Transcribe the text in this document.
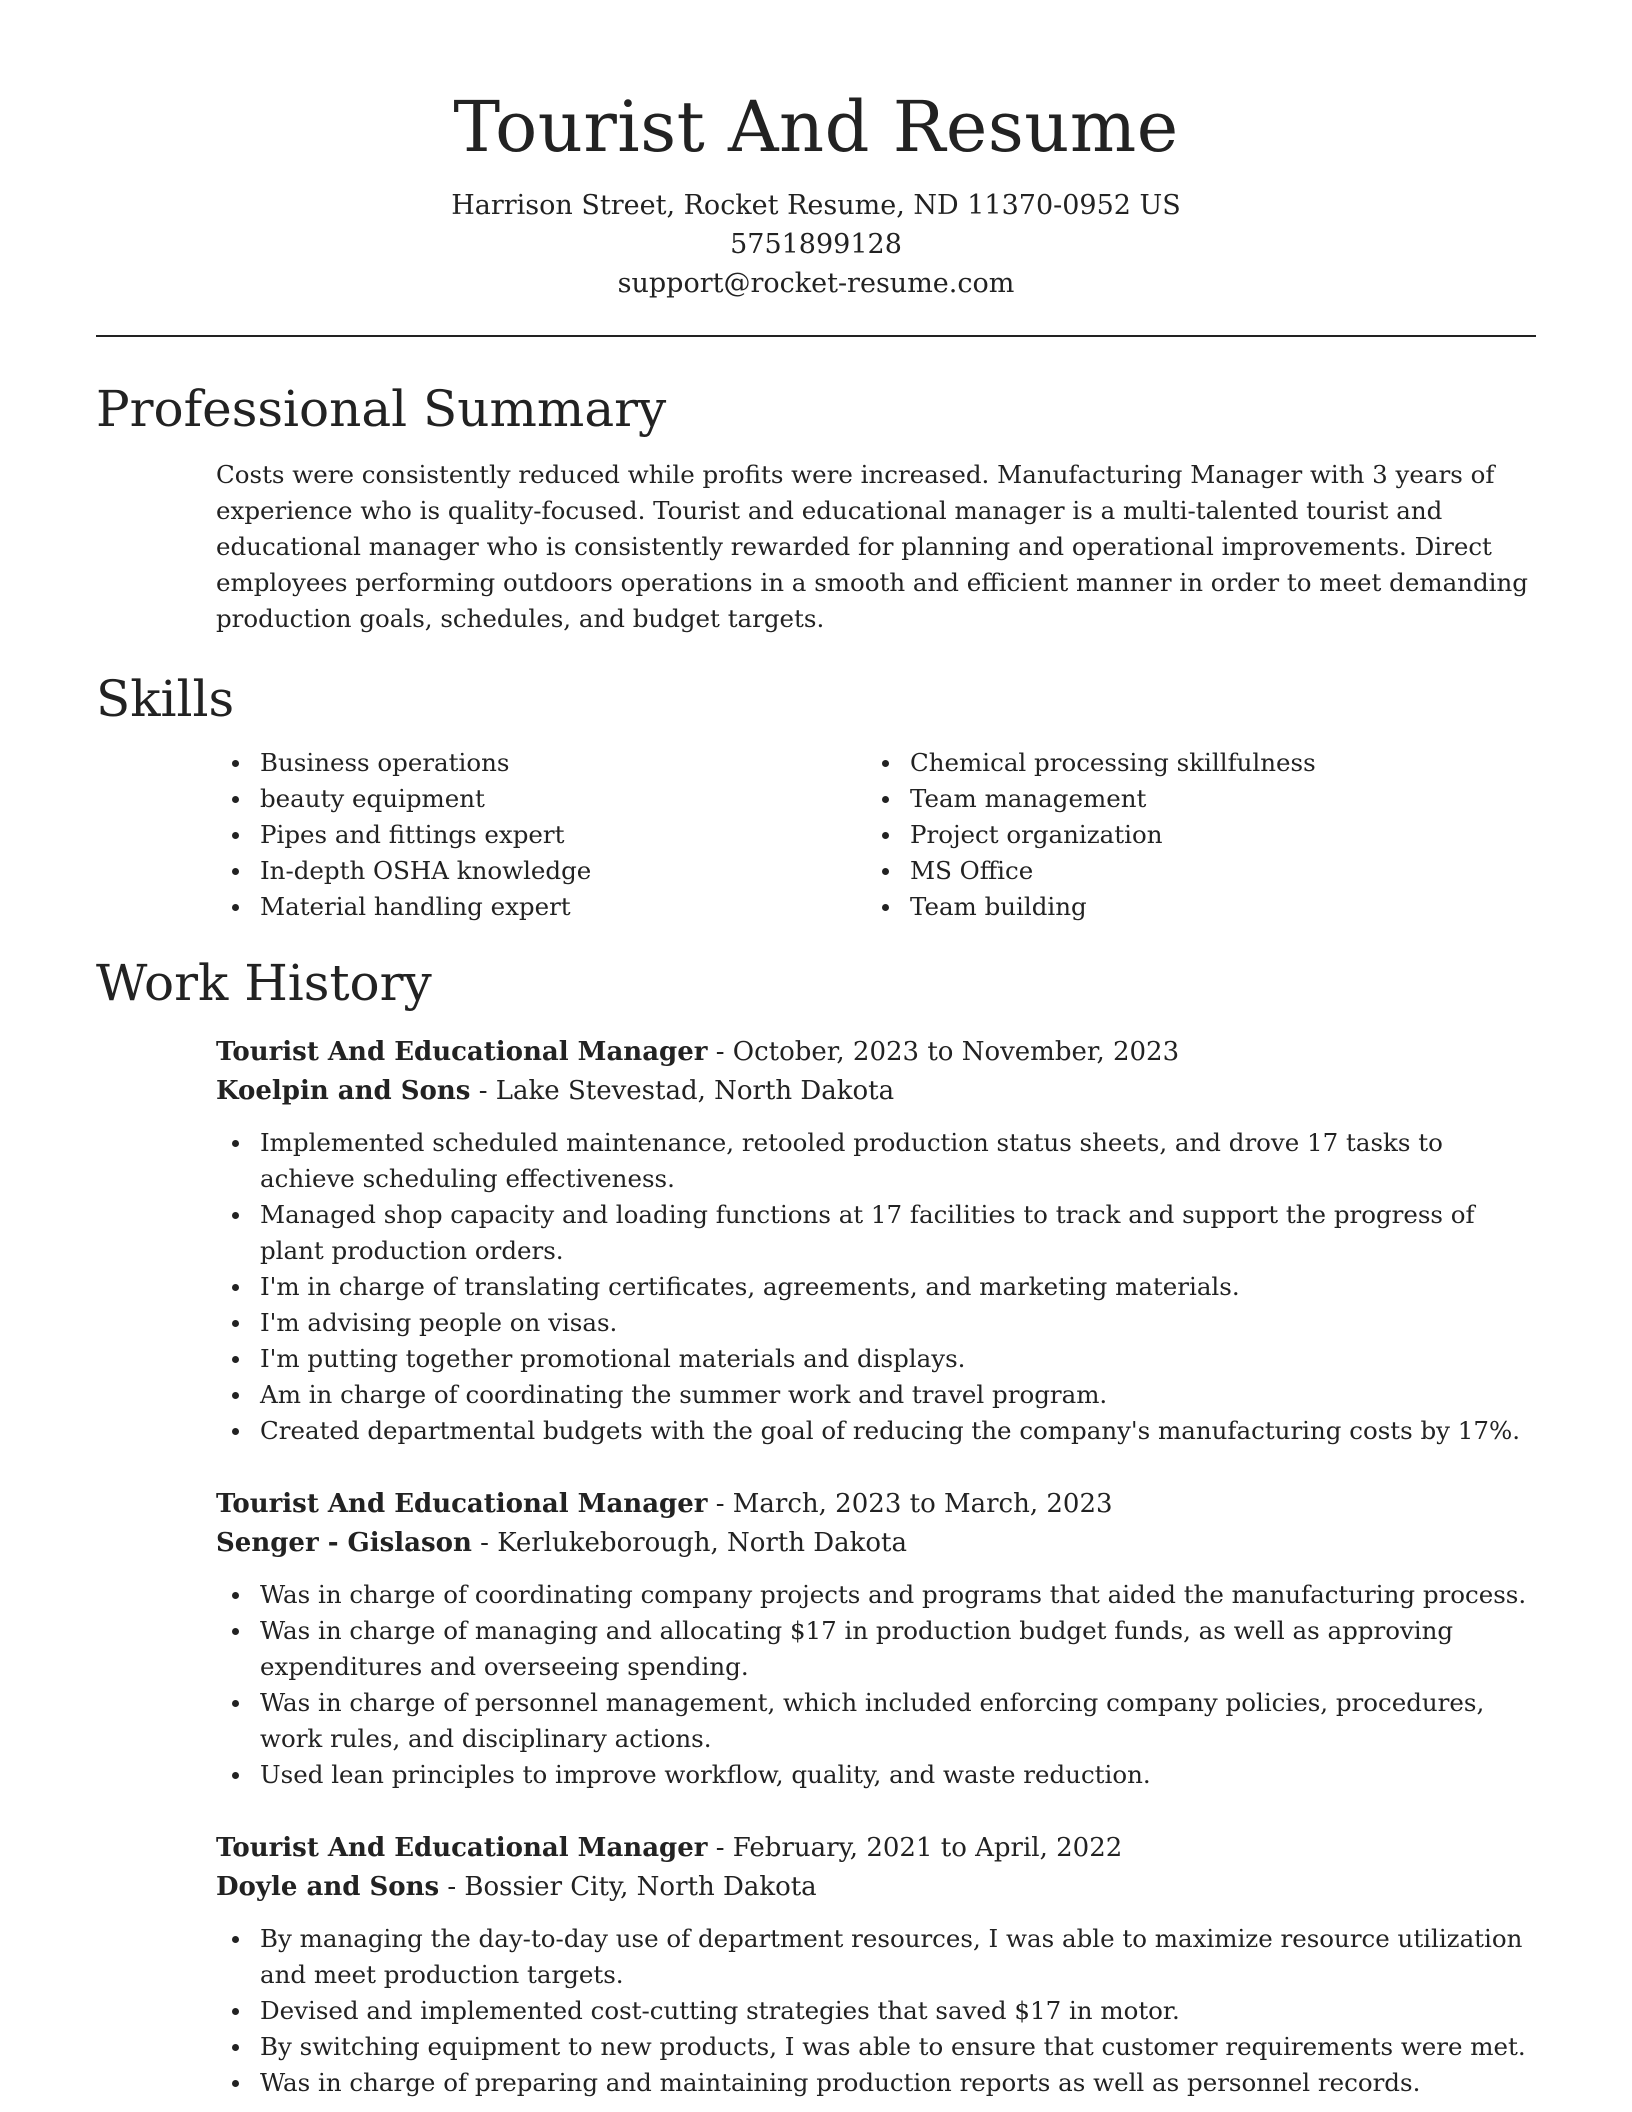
Tourist And Resume
Harrison Street, Rocket Resume, ND 11370-0952 US
5751899128
support@rocket-resume.com
Professional Summary

Costs were consistently reduced while profits were increased. Manufacturing Manager with 3 years of experience who is quality-focused. Tourist and educational manager is a multi-talented tourist and educational manager who is consistently rewarded for planning and operational improvements. Direct employees performing outdoors operations in a smooth and efficient manner in order to meet demanding production goals, schedules, and budget targets.

Skills
Business operations
beauty equipment
Pipes and fittings expert
In-depth OSHA knowledge
Material handling expert
Chemical processing skillfulness
Team management
Project organization
MS Office
Team building
Work History
Tourist And Educational Manager - October, 2023 to November, 2023
Koelpin and Sons - Lake Stevestad, North Dakota
Implemented scheduled maintenance, retooled production status sheets, and drove 17 tasks to achieve scheduling effectiveness.
Managed shop capacity and loading functions at 17 facilities to track and support the progress of plant production orders.
I'm in charge of translating certificates, agreements, and marketing materials.
I'm advising people on visas.
I'm putting together promotional materials and displays.
Am in charge of coordinating the summer work and travel program.
Created departmental budgets with the goal of reducing the company's manufacturing costs by 17%.
Tourist And Educational Manager - March, 2023 to March, 2023
Senger - Gislason - Kerlukeborough, North Dakota
Was in charge of coordinating company projects and programs that aided the manufacturing process.
Was in charge of managing and allocating $17 in production budget funds, as well as approving expenditures and overseeing spending.
Was in charge of personnel management, which included enforcing company policies, procedures, work rules, and disciplinary actions.
Used lean principles to improve workflow, quality, and waste reduction.
Tourist And Educational Manager - February, 2021 to April, 2022
Doyle and Sons - Bossier City, North Dakota
By managing the day-to-day use of department resources, I was able to maximize resource utilization and meet production targets.
Devised and implemented cost-cutting strategies that saved $17 in motor.
By switching equipment to new products, I was able to ensure that customer requirements were met.
Was in charge of preparing and maintaining production reports as well as personnel records.
